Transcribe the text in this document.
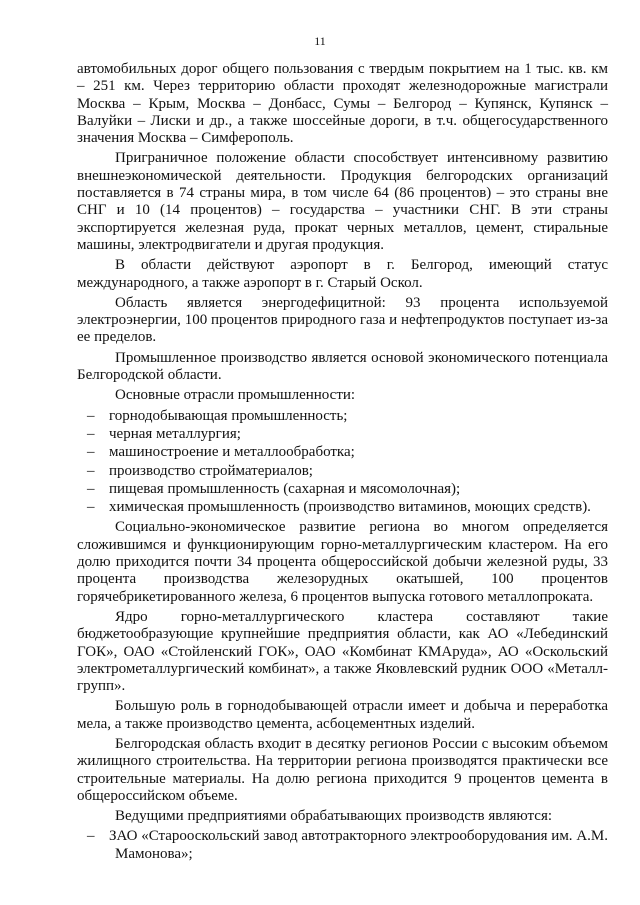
11

автомобильных дорог общего пользования с твердым покрытием на 1 тыс. кв. км – 251 км. Через территорию области проходят железнодорожные магистрали Москва – Крым, Москва – Донбасс, Сумы – Белгород – Купянск, Купянск – Валуйки – Лиски и др., а также шоссейные дороги, в т.ч. общегосударственного значения Москва – Симферополь.

Приграничное положение области способствует интенсивному развитию внешнеэкономической деятельности. Продукция белгородских организаций поставляется в 74 страны мира, в том числе 64 (86 процентов) – это страны вне СНГ и 10 (14 процентов) – государства – участники СНГ. В эти страны экспортируется железная руда, прокат черных металлов, цемент, стиральные машины, электродвигатели и другая продукция.

В области действуют аэропорт в г. Белгород, имеющий статус международного, а также аэропорт в г. Старый Оскол.

Область является энергодефицитной: 93 процента используемой электроэнергии, 100 процентов природного газа и нефтепродуктов поступает из-за ее пределов.

Промышленное производство является основой экономического потенциала Белгородской области.

Основные отрасли промышленности:

– горнодобывающая промышленность;
– черная металлургия;
– машиностроение и металлообработка;
– производство стройматериалов;
– пищевая промышленность (сахарная и мясомолочная);
– химическая промышленность (производство витаминов, моющих средств).

Социально-экономическое развитие региона во многом определяется сложившимся и функционирующим горно-металлургическим кластером. На его долю приходится почти 34 процента общероссийской добычи железной руды, 33 процента производства железорудных окатышей, 100 процентов горячебрикетированного железа, 6 процентов выпуска готового металлопроката.

Ядро горно-металлургического кластера составляют такие бюджетообразующие крупнейшие предприятия области, как АО «Лебединский ГОК», ОАО «Стойленский ГОК», ОАО «Комбинат КМАруда», АО «Оскольский электрометаллургический комбинат», а также Яковлевский рудник ООО «Металл-групп».

Большую роль в горнодобывающей отрасли имеет и добыча и переработка мела, а также производство цемента, асбоцементных изделий.

Белгородская область входит в десятку регионов России с высоким объемом жилищного строительства. На территории региона производятся практически все строительные материалы. На долю региона приходится 9 процентов цемента в общероссийском объеме.

Ведущими предприятиями обрабатывающих производств являются:

– ЗАО «Старооскольский завод автотракторного электрооборудования им. А.М. Мамонова»;
